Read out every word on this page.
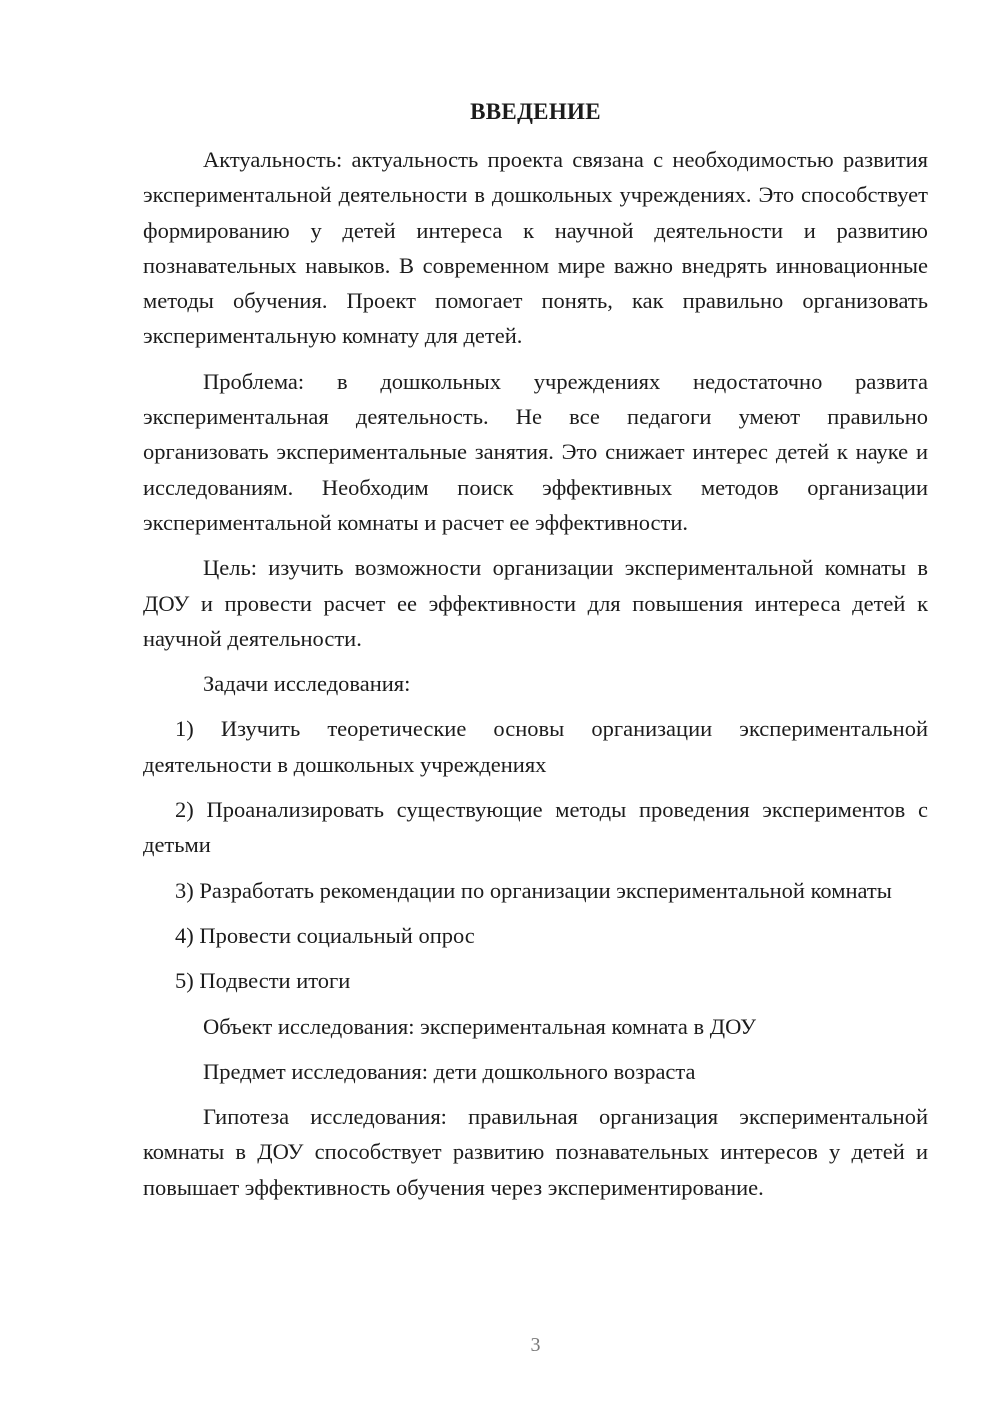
ВВЕДЕНИЕ

Актуальность: актуальность проекта связана с необходимостью развития экспериментальной деятельности в дошкольных учреждениях. Это способствует формированию у детей интереса к научной деятельности и развитию познавательных навыков. В современном мире важно внедрять инновационные методы обучения. Проект помогает понять, как правильно организовать экспериментальную комнату для детей.

Проблема: в дошкольных учреждениях недостаточно развита экспериментальная деятельность. Не все педагоги умеют правильно организовать экспериментальные занятия. Это снижает интерес детей к науке и исследованиям. Необходим поиск эффективных методов организации экспериментальной комнаты и расчет ее эффективности.

Цель: изучить возможности организации экспериментальной комнаты в ДОУ и провести расчет ее эффективности для повышения интереса детей к научной деятельности.

Задачи исследования:

1) Изучить теоретические основы организации экспериментальной деятельности в дошкольных учреждениях

2) Проанализировать существующие методы проведения экспериментов с детьми

3) Разработать рекомендации по организации экспериментальной комнаты

4) Провести социальный опрос

5) Подвести итоги

Объект исследования: экспериментальная комната в ДОУ

Предмет исследования: дети дошкольного возраста

Гипотеза исследования: правильная организация экспериментальной комнаты в ДОУ способствует развитию познавательных интересов у детей и повышает эффективность обучения через экспериментирование.

3
